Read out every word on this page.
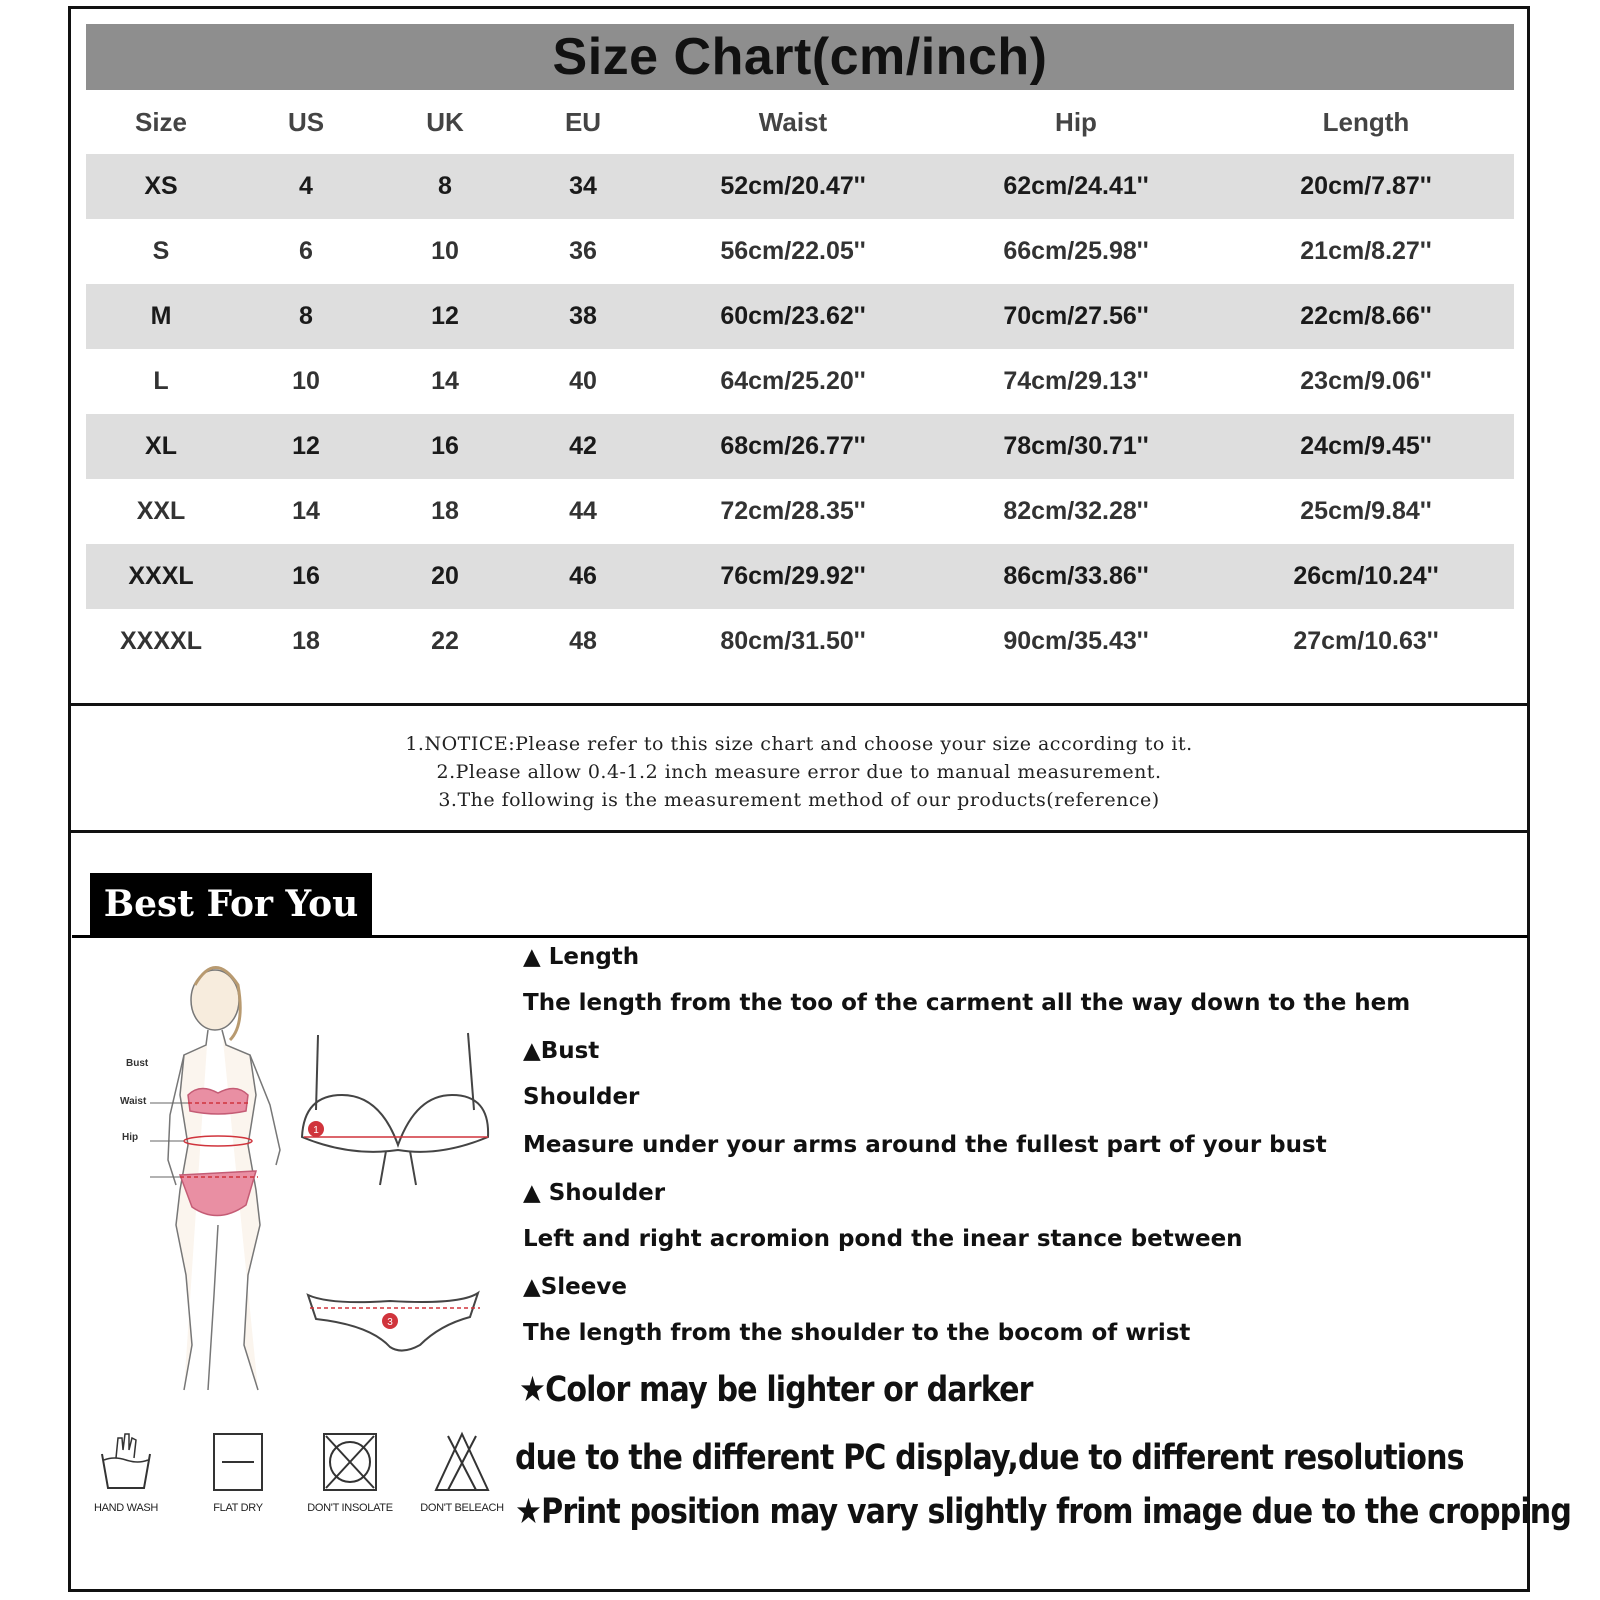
Size Chart(cm/inch)
Size	US	UK	EU	Waist	Hip	Length
XS	4	8	34	52cm/20.47''	62cm/24.41''	20cm/7.87''
S	6	10	36	56cm/22.05''	66cm/25.98''	21cm/8.27''
M	8	12	38	60cm/23.62''	70cm/27.56''	22cm/8.66''
L	10	14	40	64cm/25.20''	74cm/29.13''	23cm/9.06''
XL	12	16	42	68cm/26.77''	78cm/30.71''	24cm/9.45''
XXL	14	18	44	72cm/28.35''	82cm/32.28''	25cm/9.84''
XXXL	16	20	46	76cm/29.92''	86cm/33.86''	26cm/10.24''
XXXXL	18	22	48	80cm/31.50''	90cm/35.43''	27cm/10.63''
1.NOTICE:Please refer to this size chart and choose your size according to it.
2.Please allow 0.4-1.2 inch measure error due to manual measurement.
3.The following is the measurement method of our products(reference)
Best For You
1
3
Bust
Waist
Hip
▲ Length
The length from the too of the carment all the way down to the hem
▲Bust
Shoulder
Measure under your arms around the fullest part of your bust
▲ Shoulder
Left and right acromion pond the inear stance between
▲Sleeve
The length from the shoulder to the bocom of wrist
★Color may be lighter or darker
due to the different PC display,due to different resolutions
★Print position may vary slightly from image due to the cropping
HAND WASH	FLAT DRY	DON'T INSOLATE	DON'T BELEACH
